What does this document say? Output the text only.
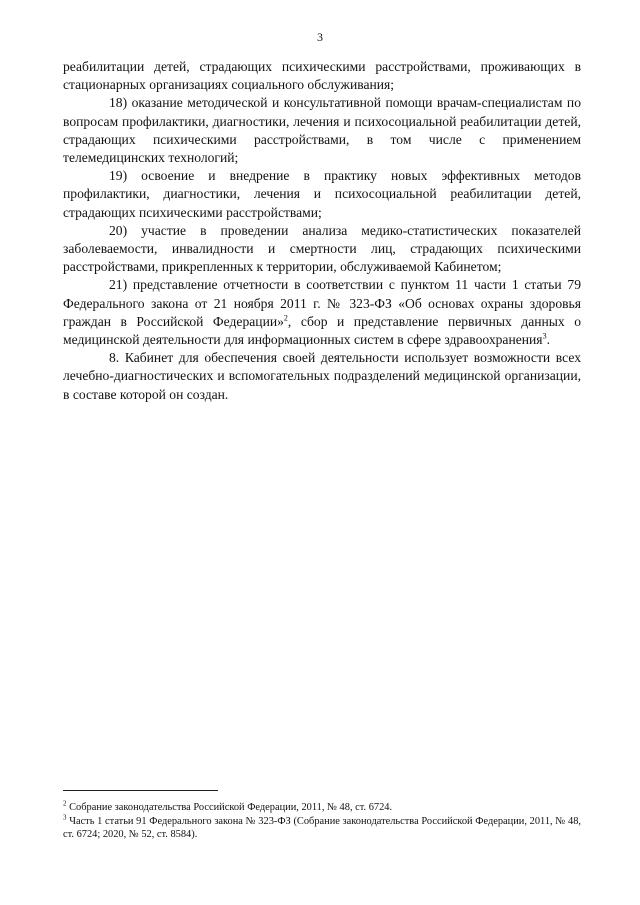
3

реабилитации детей, страдающих психическими расстройствами, проживающих в стационарных организациях социального обслуживания;

18) оказание методической и консультативной помощи врачам-специалистам по вопросам профилактики, диагностики, лечения и психосоциальной реабилитации детей, страдающих психическими расстройствами, в том числе с применением телемедицинских технологий;

19) освоение и внедрение в практику новых эффективных методов профилактики, диагностики, лечения и психосоциальной реабилитации детей, страдающих психическими расстройствами;

20) участие в проведении анализа медико-статистических показателей заболеваемости, инвалидности и смертности лиц, страдающих психическими расстройствами, прикрепленных к территории, обслуживаемой Кабинетом;

21) представление отчетности в соответствии с пунктом 11 части 1 статьи 79 Федерального закона от 21 ноября 2011 г. № 323-ФЗ «Об основах охраны здоровья граждан в Российской Федерации»$^2$, сбор и представление первичных данных о медицинской деятельности для информационных систем в сфере здравоохранения$^3$.

8. Кабинет для обеспечения своей деятельности использует возможности всех лечебно-диагностических и вспомогательных подразделений медицинской организации, в составе которой он создан.

$^2$ Собрание законодательства Российской Федерации, 2011, № 48, ст. 6724.

$^3$ Часть 1 статьи 91 Федерального закона № 323-ФЗ (Собрание законодательства Российской Федерации, 2011, № 48, ст. 6724; 2020, № 52, ст. 8584).
